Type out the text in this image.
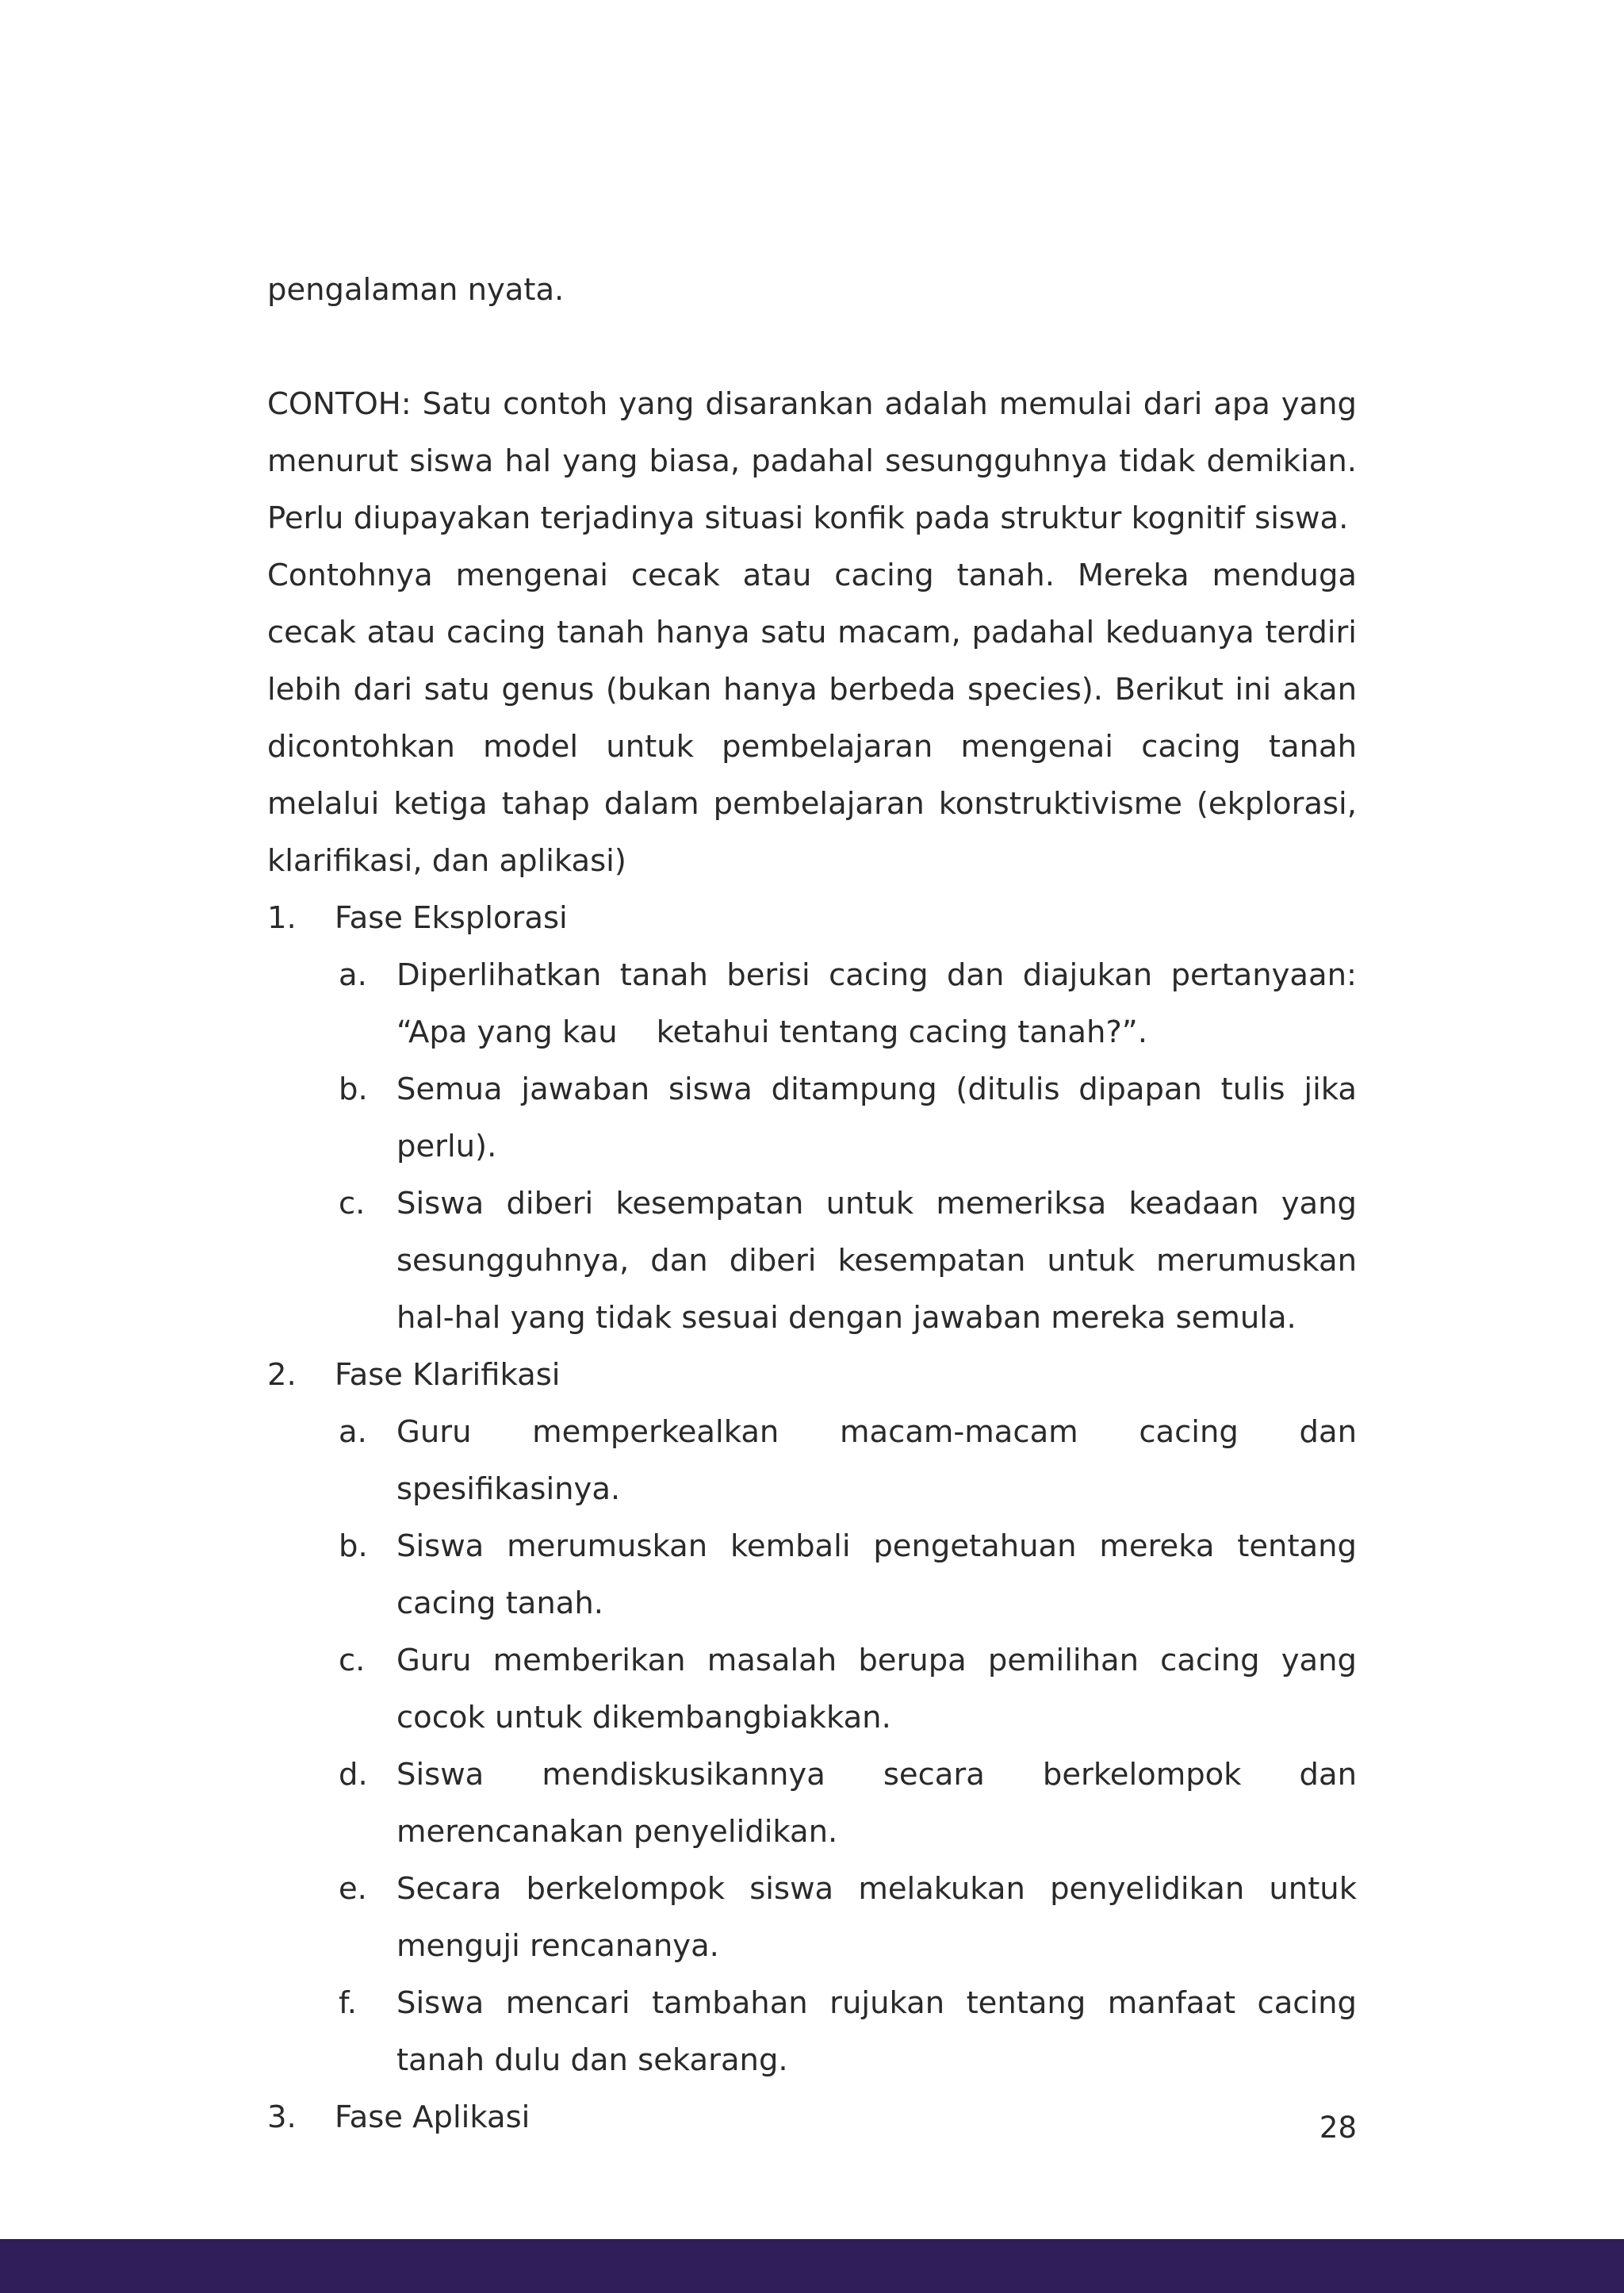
pengalaman nyata.

CONTOH: Satu contoh yang disarankan adalah memulai dari apa yang menurut siswa hal yang biasa, padahal sesungguhnya tidak demikian. Perlu diupayakan terjadinya situasi konfik pada struktur kognitif siswa.

Contohnya mengenai cecak atau cacing tanah. Mereka menduga cecak atau cacing tanah hanya satu macam, padahal keduanya terdiri lebih dari satu genus (bukan hanya berbeda species). Berikut ini akan dicontohkan model untuk pembelajaran mengenai cacing tanah melalui ketiga tahap dalam pembelajaran konstruktivisme (ekplorasi, klarifikasi, dan aplikasi)

1.	Fase Eksplorasi
a. Diperlihatkan tanah berisi cacing dan diajukan pertanyaan: “Apa yang kau    ketahui tentang cacing tanah?”.
b. Semua jawaban siswa ditampung (ditulis dipapan tulis jika perlu).
c.	Siswa diberi kesempatan untuk memeriksa keadaan yang sesungguhnya, dan diberi kesempatan untuk merumuskan hal-hal yang tidak sesuai dengan jawaban mereka semula.
2.	Fase Klarifikasi
a. Guru memperkealkan macam-macam cacing dan spesifikasinya.
b. Siswa merumuskan kembali pengetahuan mereka tentang cacing tanah.
c.	Guru memberikan masalah berupa pemilihan cacing yang cocok untuk dikembangbiakkan.
d. Siswa mendiskusikannya secara berkelompok dan merencanakan penyelidikan.
e. Secara berkelompok siswa melakukan penyelidikan untuk menguji rencananya.
f.	Siswa mencari tambahan rujukan tentang manfaat cacing tanah dulu dan sekarang.
3.	Fase Aplikasi	28
